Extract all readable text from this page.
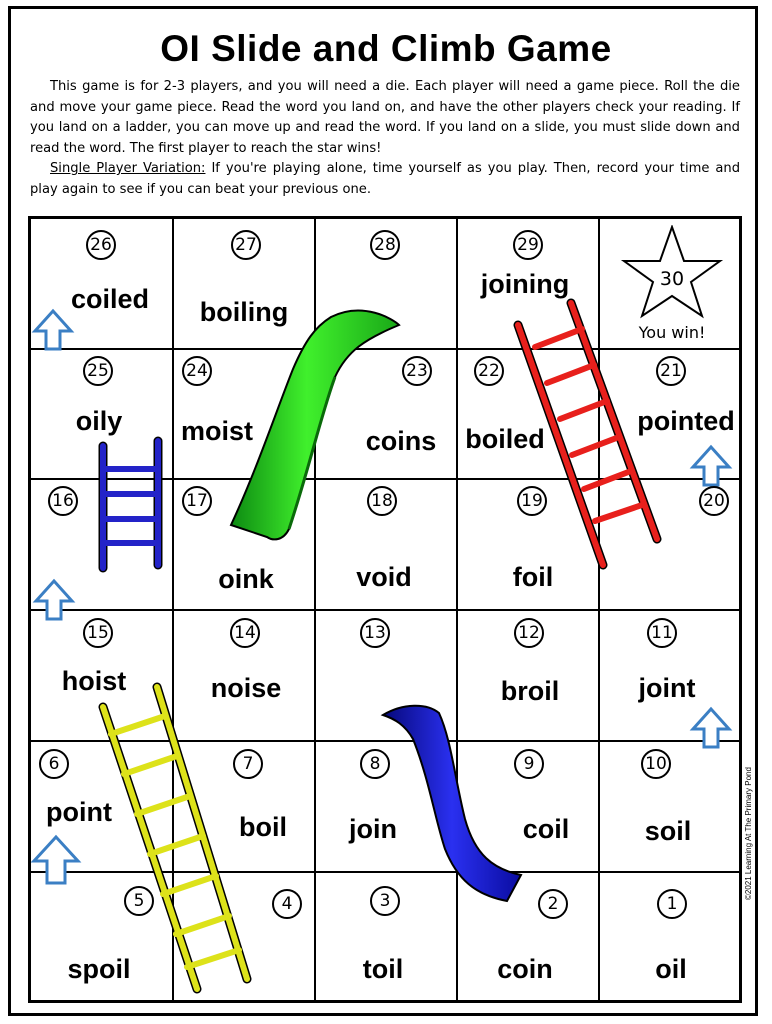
OI Slide and Climb Game

This game is for 2-3 players, and you will need a die. Each player will need a game piece. Roll the die and move your game piece. Read the word you land on, and have the other players check your reading. If you land on a ladder, you can move up and read the word. If you land on a slide, you must slide down and read the word. The first player to reach the star wins!

Single Player Variation: If you're playing alone, time yourself as you play. Then, record your time and play again to see if you can beat your previous one.

You win!
26
coiled
27
boiling
28	29
joining	30
25
oily
24
moist
23
coins
22
boiled
21
pointed
16	17
oink
18
void
19
foil
20
15
hoist
14
noise
13	12
broil
11
joint
6
point
7
boil
8
join
9
coil
10
soil
5
spoil
4	3
toil
2
coin
1
oil
©2021 Learning At The Primary Pond
